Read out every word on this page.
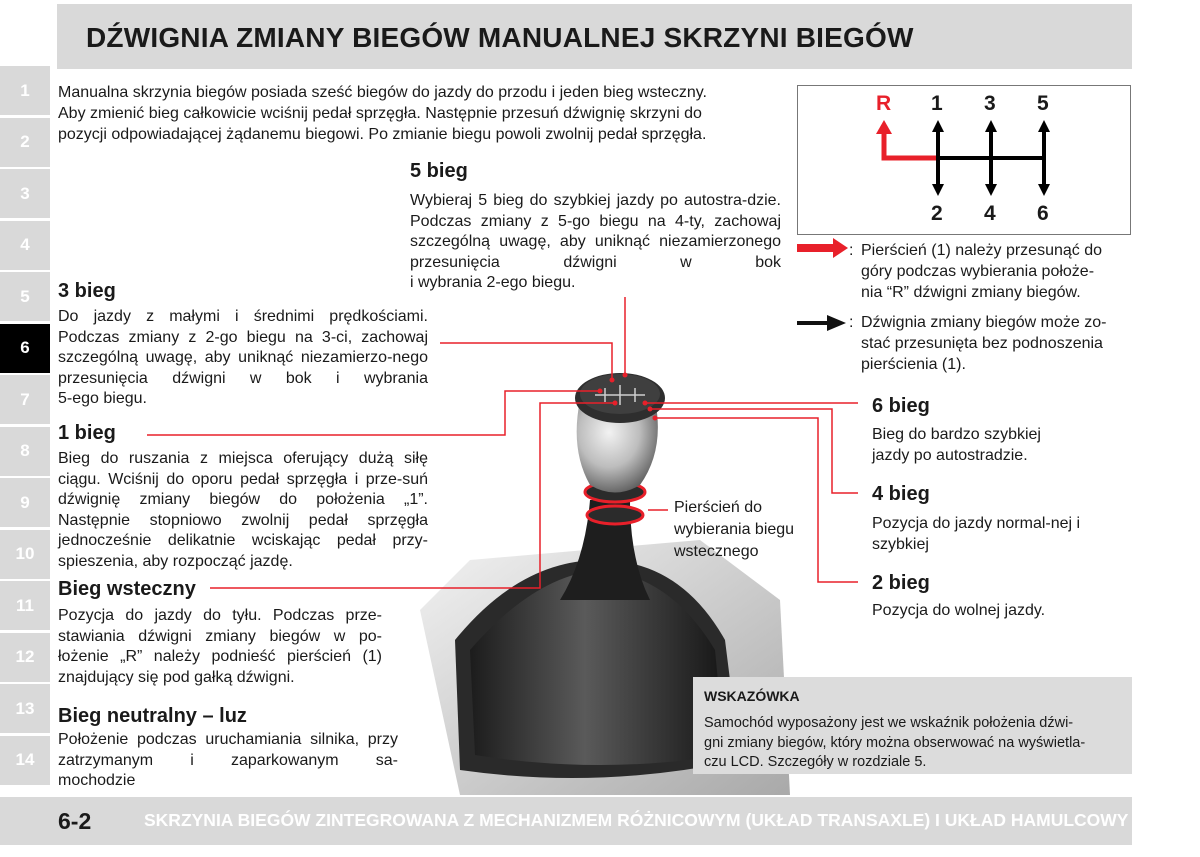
DŹWIGNIA ZMIANY BIEGÓW MANUALNEJ SKRZYNI BIEGÓW
1
2
3
4
5
6
7
8
9
10
11
12
13
14

Manualna skrzynia biegów posiada sześć biegów do jazdy do przodu i jeden bieg wsteczny.
Aby zmienić bieg całkowicie wciśnij pedał sprzęgła. Następnie przesuń dźwignię skrzyni do
pozycji odpowiadającej żądanemu biegowi. Po zmianie biegu powoli zwolnij pedał sprzęgła.

5 bieg

Wybieraj 5 bieg do szybkiej jazdy po autostra-dzie. Podczas zmiany z 5-go biegu na 4-ty, zachowaj szczególną uwagę, aby uniknąć niezamierzonego przesunięcia dźwigni w bok
i wybrania 2-ego biegu.

3 bieg

Do jazdy z małymi i średnimi prędkościami. Podczas zmiany z 2-go biegu na 3-ci, zachowaj szczególną uwagę, aby uniknąć niezamierzo-nego przesunięcia dźwigni w bok i wybrania
5-ego biegu.

1 bieg

Bieg do ruszania z miejsca oferujący dużą siłę ciągu. Wciśnij do oporu pedał sprzęgła i prze-suń dźwignię zmiany biegów do położenia „1”. Następnie stopniowo zwolnij pedał sprzęgła jednocześnie delikatnie wciskając pedał przy-
spieszenia, aby rozpocząć jazdę.

Bieg wsteczny

Pozycja do jazdy do tyłu. Podczas prze-stawiania dźwigni zmiany biegów w po-łożenie „R” należy podnieść pierścień (1)
znajdujący się pod gałką dźwigni.

Bieg neutralny – luz

Położenie podczas uruchamiania silnika, przy zatrzymanym i zaparkowanym sa-
mochodzie

R 1 3 5
2 4 6
: Pierścień (1) należy przesunąć do
góry podczas wybierania położe-
nia “R” dźwigni zmiany biegów.
: Dźwignia zmiany biegów może zo-
stać przesunięta bez podnoszenia
pierścienia (1).
6 bieg

Bieg do bardzo szybkiej jazdy po autostradzie.

4 bieg

Pozycja do jazdy normal-nej i szybkiej

2 bieg

Pozycja do wolnej jazdy.

Pierścień do
wybierania biegu
wstecznego
WSKAZÓWKA
Samochód wyposażony jest we wskaźnik położenia dźwi-
gni zmiany biegów, który można obserwować na wyświetla-
czu LCD. Szczegóły w rozdziale 5.
6-2	SKRZYNIA BIEGÓW ZINTEGROWANA Z MECHANIZMEM RÓŻNICOWYM (UKŁAD TRANSAXLE) I UKŁAD HAMULCOWY
